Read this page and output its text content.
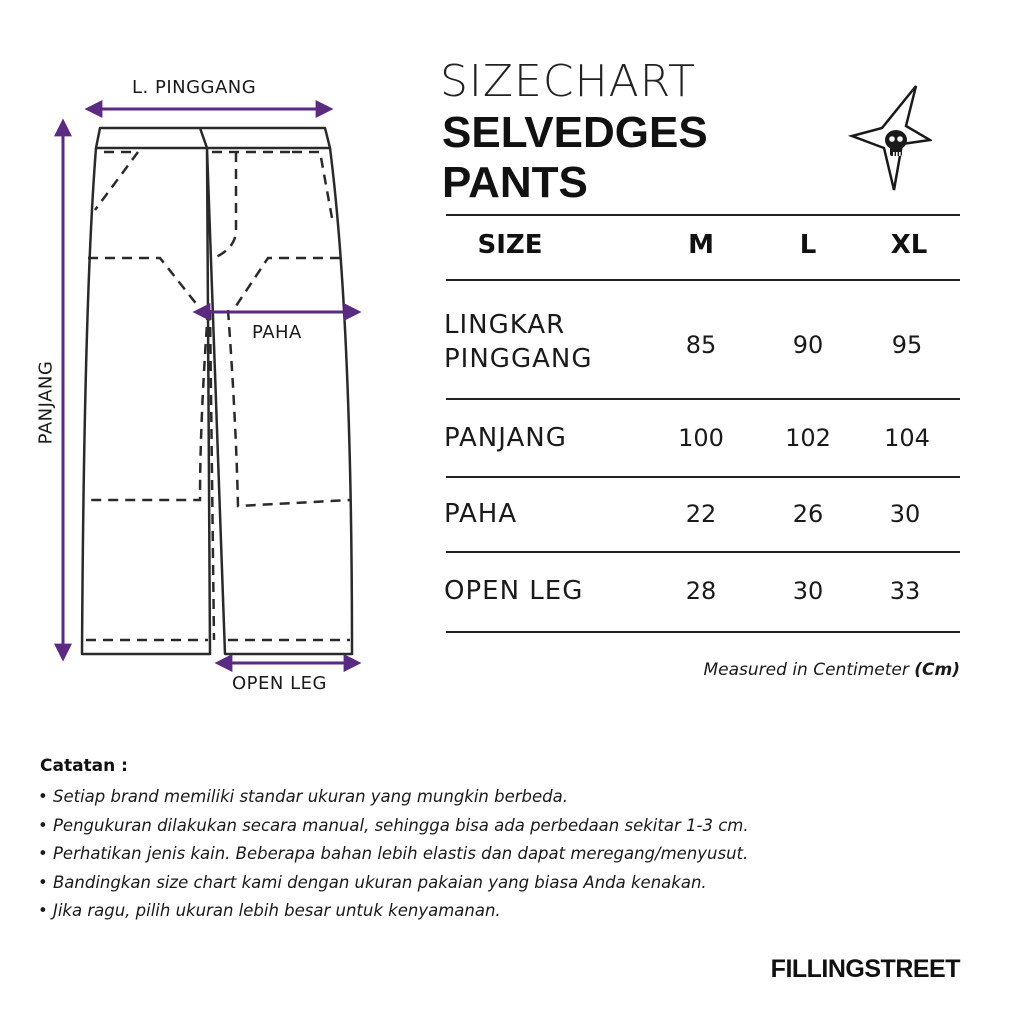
L. PINGGANG
PANJANG
PAHA
OPEN LEG
SIZECHART
SELVEDGES
PANTS
SIZE	M	L	XL
LINGKAR
PINGGANG	85	90	95
PANJANG	100	102	104
PAHA	22	26	30
OPEN LEG	28	30	33
Measured in Centimeter (Cm)
Catatan :
• Setiap brand memiliki standar ukuran yang mungkin berbeda.
• Pengukuran dilakukan secara manual, sehingga bisa ada perbedaan sekitar 1-3 cm.
• Perhatikan jenis kain. Beberapa bahan lebih elastis dan dapat meregang/menyusut.
• Bandingkan size chart kami dengan ukuran pakaian yang biasa Anda kenakan.
• Jika ragu, pilih ukuran lebih besar untuk kenyamanan.
FILLINGSTREET
